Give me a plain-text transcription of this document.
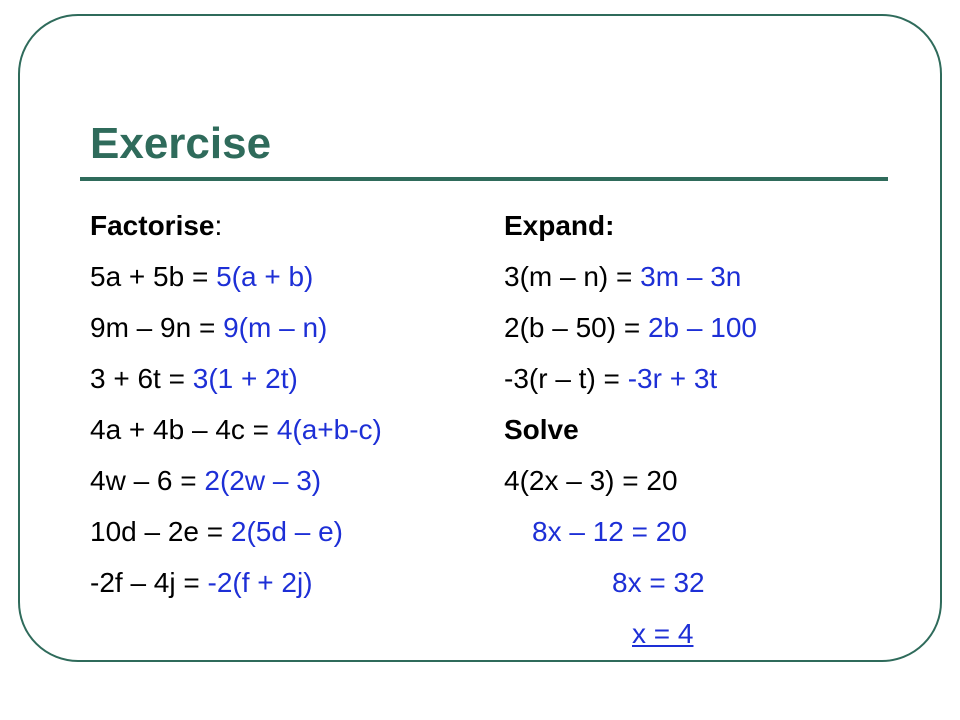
Exercise
Factorise:
5a + 5b = 5(a + b)
9m – 9n = 9(m – n)
3 + 6t = 3(1 + 2t)
4a + 4b – 4c = 4(a+b-c)
4w – 6 = 2(2w – 3)
10d – 2e = 2(5d – e)
-2f – 4j = -2(f + 2j)
Expand:
3(m – n) = 3m – 3n
2(b – 50) = 2b – 100
-3(r – t) = -3r + 3t
Solve
4(2x – 3) = 20
8x – 12 = 20
8x = 32
x = 4
